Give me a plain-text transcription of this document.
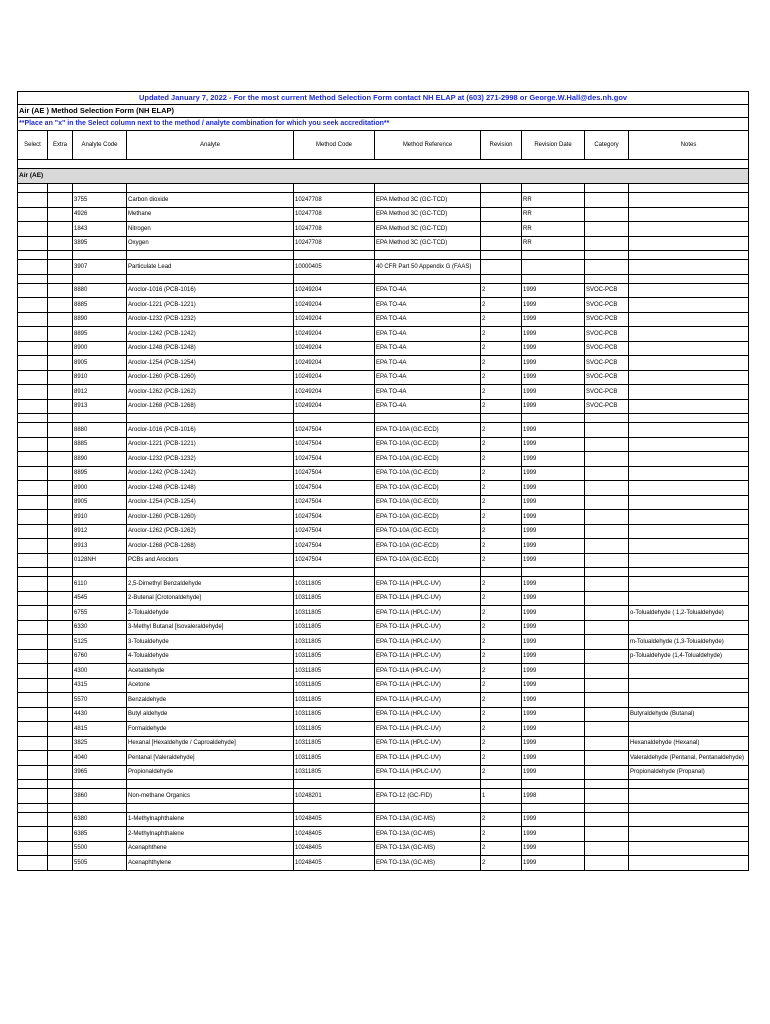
Updated January 7, 2022 - For the most current Method Selection Form contact NH ELAP at (603) 271-2998 or George.W.Hall@des.nh.gov									
Air (AE ) Method Selection Form (NH ELAP)									
**Place an "x" in the Select column next to the method / analyte combination for which you seek accreditation**									
Select	Extra	Analyte Code	Analyte	Method Code	Method Reference	Revision	Revision Date	Category	Notes

Air (AE)									

		3755	Carbon dioxide	10247708	EPA Method 3C (GC-TCD)		RR		
		4926	Methane	10247708	EPA Method 3C (GC-TCD)		RR		
		1843	Nitrogen	10247708	EPA Method 3C (GC-TCD)		RR		
		3895	Oxygen	10247708	EPA Method 3C (GC-TCD)		RR		

		3907	Particulate Lead	10000405	40 CFR Part 50 Appendix G (FAAS)				

		8880	Aroclor-1016 (PCB-1016)	10249204	EPA TO-4A	2	1999	SVOC-PCB	
		8885	Aroclor-1221 (PCB-1221)	10249204	EPA TO-4A	2	1999	SVOC-PCB	
		8890	Aroclor-1232 (PCB-1232)	10249204	EPA TO-4A	2	1999	SVOC-PCB	
		8895	Aroclor-1242 (PCB-1242)	10249204	EPA TO-4A	2	1999	SVOC-PCB	
		8900	Aroclor-1248 (PCB-1248)	10249204	EPA TO-4A	2	1999	SVOC-PCB	
		8905	Aroclor-1254 (PCB-1254)	10249204	EPA TO-4A	2	1999	SVOC-PCB	
		8910	Aroclor-1260 (PCB-1260)	10249204	EPA TO-4A	2	1999	SVOC-PCB	
		8912	Aroclor-1262 (PCB-1262)	10249204	EPA TO-4A	2	1999	SVOC-PCB	
		8913	Aroclor-1268 (PCB-1268)	10249204	EPA TO-4A	2	1999	SVOC-PCB	

		8880	Aroclor-1016 (PCB-1016)	10247504	EPA TO-10A (GC-ECD)	2	1999		
		8885	Aroclor-1221 (PCB-1221)	10247504	EPA TO-10A (GC-ECD)	2	1999		
		8890	Aroclor-1232 (PCB-1232)	10247504	EPA TO-10A (GC-ECD)	2	1999		
		8895	Aroclor-1242 (PCB-1242)	10247504	EPA TO-10A (GC-ECD)	2	1999		
		8900	Aroclor-1248 (PCB-1248)	10247504	EPA TO-10A (GC-ECD)	2	1999		
		8905	Aroclor-1254 (PCB-1254)	10247504	EPA TO-10A (GC-ECD)	2	1999		
		8910	Aroclor-1260 (PCB-1260)	10247504	EPA TO-10A (GC-ECD)	2	1999		
		8912	Aroclor-1262 (PCB-1262)	10247504	EPA TO-10A (GC-ECD)	2	1999		
		8913	Aroclor-1268 (PCB-1268)	10247504	EPA TO-10A (GC-ECD)	2	1999		
		0128NH	PCBs and Aroclors	10247504	EPA TO-10A (GC-ECD)	2	1999		

		6110	2,5-Dimethyl Benzaldehyde	10311805	EPA TO-11A (HPLC-UV)	2	1999		
		4545	2-Butenal [Crotonaldehyde]	10311805	EPA TO-11A (HPLC-UV)	2	1999		
		6755	2-Tolualdehyde	10311805	EPA TO-11A (HPLC-UV)	2	1999		o-Tolualdehyde ( 1,2-Tolualdehyde)
		6330	3-Methyl Butanal [Isovaleraldehyde]	10311805	EPA TO-11A (HPLC-UV)	2	1999		
		5125	3-Tolualdehyde	10311805	EPA TO-11A (HPLC-UV)	2	1999		m-Tolualdehyde (1,3-Tolualdehyde)
		6760	4-Tolualdehyde	10311805	EPA TO-11A (HPLC-UV)	2	1999		p-Tolualdehyde (1,4-Tolualdehyde)
		4300	Acetaldehyde	10311805	EPA TO-11A (HPLC-UV)	2	1999		
		4315	Acetone	10311805	EPA TO-11A (HPLC-UV)	2	1999		
		5570	Benzaldehyde	10311805	EPA TO-11A (HPLC-UV)	2	1999		
		4430	Butyl aldehyde	10311805	EPA TO-11A (HPLC-UV)	2	1999		Butyraldehyde (Butanal)
		4815	Formaldehyde	10311805	EPA TO-11A (HPLC-UV)	2	1999		
		3825	Hexanal [Hexaldehyde / Caproaldehyde]	10311805	EPA TO-11A (HPLC-UV)	2	1999		Hexanaldehyde (Hexanal)
		4040	Pentanal [Valeraldehyde]	10311805	EPA TO-11A (HPLC-UV)	2	1999		Valeraldehyde (Pentanal, Pentanaldehyde)
		3965	Propionaldehyde	10311805	EPA TO-11A (HPLC-UV)	2	1999		Propionaldehyde (Propanal)

		3860	Non-methane Organics	10248201	EPA TO-12 (GC-FID)	1	1998		

		6380	1-Methylnaphthalene	10248405	EPA TO-13A (GC-MS)	2	1999		
		6385	2-Methylnaphthalene	10248405	EPA TO-13A (GC-MS)	2	1999		
		5500	Acenaphthene	10248405	EPA TO-13A (GC-MS)	2	1999		
		5505	Acenaphthylene	10248405	EPA TO-13A (GC-MS)	2	1999		
